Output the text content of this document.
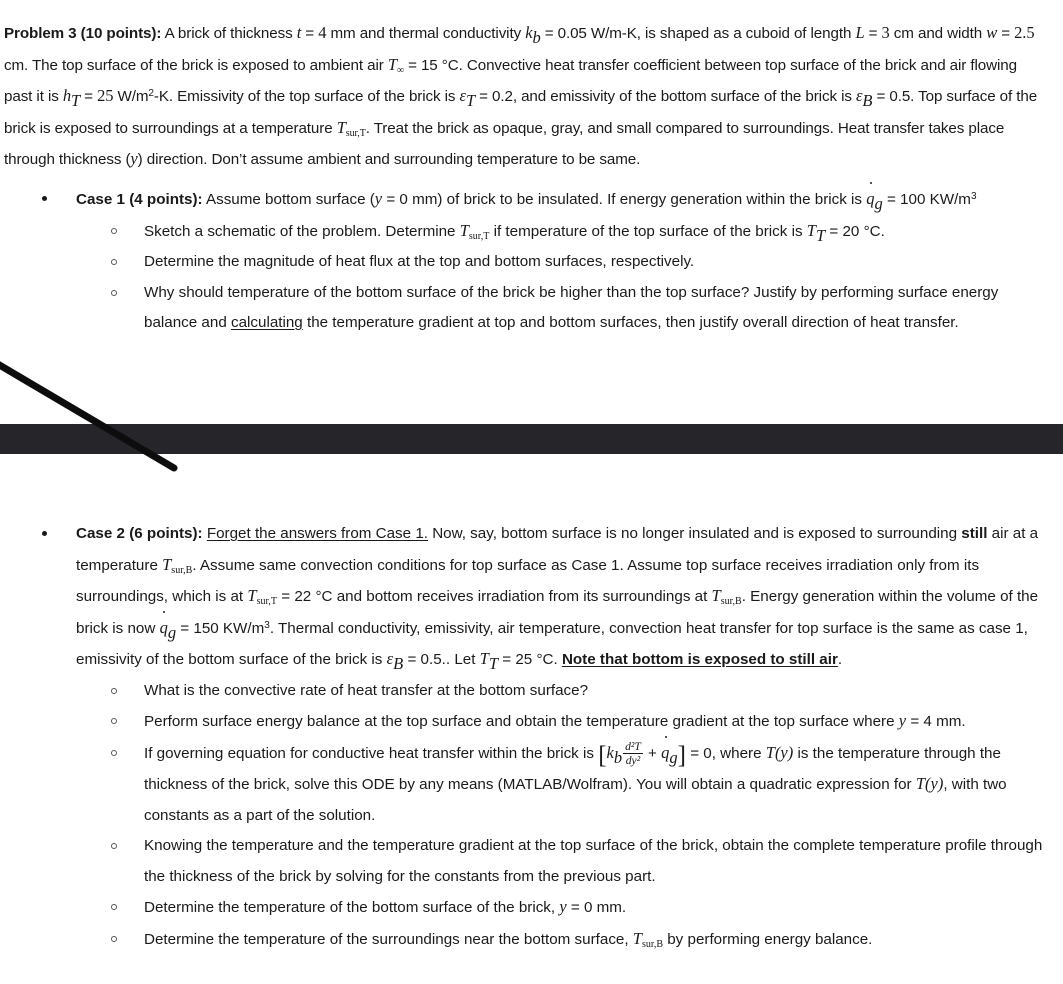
Problem 3 (10 points): A brick of thickness t = 4 mm and thermal conductivity $k_b = 0.05$ W/m-K, is shaped as a cuboid of length L = 3 cm and width w = 2.5 cm. The top surface of the brick is exposed to ambient air $T_\infty = 15$ °C. Convective heat transfer coefficient between top surface of the brick and air flowing past it is $h_T = 25$ $W/m^2-K$. Emissivity of the top surface of the brick is $\varepsilon_T = 0.2$, and emissivity of the bottom surface of the brick is $\varepsilon_B = 0.5$. Top surface of the brick is exposed to surroundings at a temperature $T_{sur,T}$. Treat the brick as opaque, gray, and small compared to surroundings. Heat transfer takes place through thickness (y) direction. Don’t assume ambient and surrounding temperature to be same.
Case 1 (4 points): Assume bottom surface (y = 0 mm) of brick to be insulated. If energy generation within the brick is $q_g = 100$ $KW/m^3$
Sketch a schematic of the problem. Determine $T_{sur,T}$ if temperature of the top surface of the brick is $T_T = 20$ °C.
Determine the magnitude of heat flux at the top and bottom surfaces, respectively.
Why should temperature of the bottom surface of the brick be higher than the top surface? Justify by performing surface energy balance and calculating the temperature gradient at top and bottom surfaces, then justify overall direction of heat transfer.
Case 2 (6 points): Forget the answers from Case 1. Now, say, bottom surface is no longer insulated and is exposed to surrounding still air at a temperature $T_{sur,B}$. Assume same convection conditions for top surface as Case 1. Assume top surface receives irradiation only from its surroundings, which is at $T_{sur,T} = 22$ °C and bottom receives irradiation from its surroundings at $T_{sur,B}$. Energy generation within the volume of the brick is now $q_g = 150$ $KW/m^3$. Thermal conductivity, emissivity, air temperature, convection heat transfer for top surface is the same as case 1, emissivity of the bottom surface of the brick is $\varepsilon_B = 0.5$.. Let $T_T = 25$ °C. Note that bottom is exposed to still air.
What is the convective rate of heat transfer at the bottom surface?
Perform surface energy balance at the top surface and obtain the temperature gradient at the top surface where y = 4 mm.
If governing equation for conductive heat transfer within the brick is $[k_b \frac{\text{d²T}}{\text{dy²}} + q_g] = 0$, where T(y) is the temperature through the thickness of the brick, solve this ODE by any means (MATLAB/Wolfram). You will obtain a quadratic expression for T(y), with two constants as a part of the solution.
Knowing the temperature and the temperature gradient at the top surface of the brick, obtain the complete temperature profile through the thickness of the brick by solving for the constants from the previous part.
Determine the temperature of the bottom surface of the brick, y = 0 mm.
Determine the temperature of the surroundings near the bottom surface, $T_{sur,B}$ by performing energy balance.
